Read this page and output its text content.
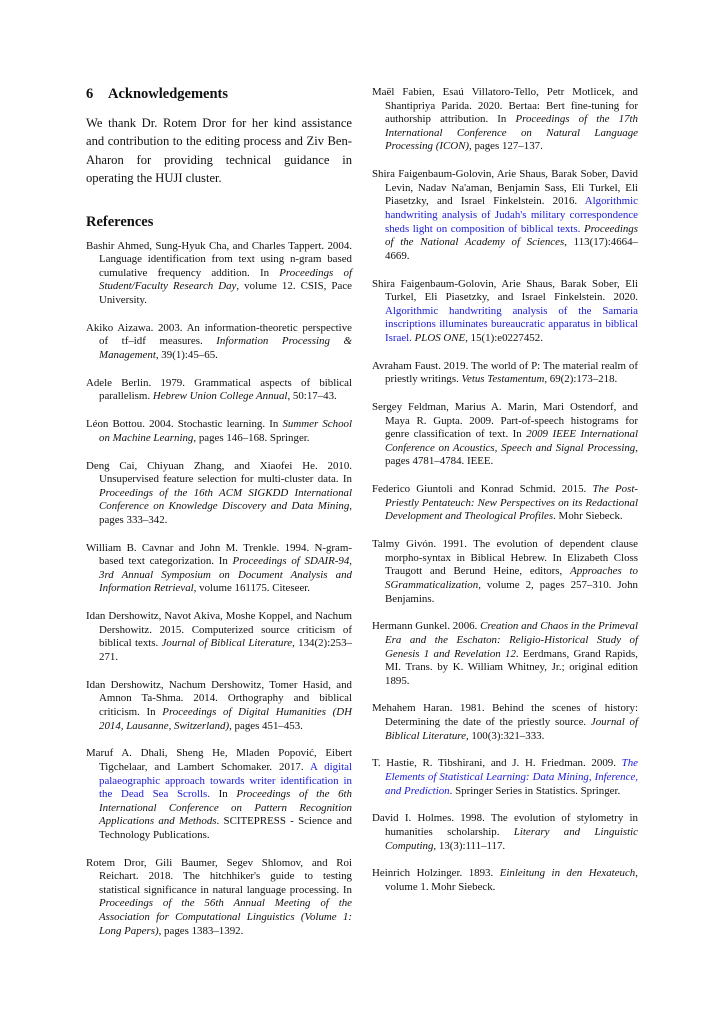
6 Acknowledgements

We thank Dr. Rotem Dror for her kind assistance and contribution to the editing process and Ziv Ben-Aharon for providing technical guidance in operating the HUJI cluster.

References

Bashir Ahmed, Sung-Hyuk Cha, and Charles Tappert. 2004. Language identification from text using n-gram based cumulative frequency addition. In Proceedings of Student/Faculty Research Day, volume 12. CSIS, Pace University.

Akiko Aizawa. 2003. An information-theoretic perspective of tf–idf measures. Information Processing & Management, 39(1):45–65.

Adele Berlin. 1979. Grammatical aspects of biblical parallelism. Hebrew Union College Annual, 50:17–43.

Léon Bottou. 2004. Stochastic learning. In Summer School on Machine Learning, pages 146–168. Springer.

Deng Cai, Chiyuan Zhang, and Xiaofei He. 2010. Unsupervised feature selection for multi-cluster data. In Proceedings of the 16th ACM SIGKDD International Conference on Knowledge Discovery and Data Mining, pages 333–342.

William B. Cavnar and John M. Trenkle. 1994. N-gram-based text categorization. In Proceedings of SDAIR-94, 3rd Annual Symposium on Document Analysis and Information Retrieval, volume 161175. Citeseer.

Idan Dershowitz, Navot Akiva, Moshe Koppel, and Nachum Dershowitz. 2015. Computerized source criticism of biblical texts. Journal of Biblical Literature, 134(2):253–271.

Idan Dershowitz, Nachum Dershowitz, Tomer Hasid, and Amnon Ta-Shma. 2014. Orthography and biblical criticism. In Proceedings of Digital Humanities (DH 2014, Lausanne, Switzerland), pages 451–453.

Maruf A. Dhali, Sheng He, Mladen Popović, Eibert Tigchelaar, and Lambert Schomaker. 2017. A digital palaeographic approach towards writer identification in the Dead Sea Scrolls. In Proceedings of the 6th International Conference on Pattern Recognition Applications and Methods. SCITEPRESS - Science and Technology Publications.

Rotem Dror, Gili Baumer, Segev Shlomov, and Roi Reichart. 2018. The hitchhiker's guide to testing statistical significance in natural language processing. In Proceedings of the 56th Annual Meeting of the Association for Computational Linguistics (Volume 1: Long Papers), pages 1383–1392.

Maël Fabien, Esaú Villatoro-Tello, Petr Motlicek, and Shantipriya Parida. 2020. Bertaa: Bert fine-tuning for authorship attribution. In Proceedings of the 17th International Conference on Natural Language Processing (ICON), pages 127–137.

Shira Faigenbaum-Golovin, Arie Shaus, Barak Sober, David Levin, Nadav Na'aman, Benjamin Sass, Eli Turkel, Eli Piasetzky, and Israel Finkelstein. 2016. Algorithmic handwriting analysis of Judah's military correspondence sheds light on composition of biblical texts. Proceedings of the National Academy of Sciences, 113(17):4664–4669.

Shira Faigenbaum-Golovin, Arie Shaus, Barak Sober, Eli Turkel, Eli Piasetzky, and Israel Finkelstein. 2020. Algorithmic handwriting analysis of the Samaria inscriptions illuminates bureaucratic apparatus in biblical Israel. PLOS ONE, 15(1):e0227452.

Avraham Faust. 2019. The world of P: The material realm of priestly writings. Vetus Testamentum, 69(2):173–218.

Sergey Feldman, Marius A. Marin, Mari Ostendorf, and Maya R. Gupta. 2009. Part-of-speech histograms for genre classification of text. In 2009 IEEE International Conference on Acoustics, Speech and Signal Processing, pages 4781–4784. IEEE.

Federico Giuntoli and Konrad Schmid. 2015. The Post-Priestly Pentateuch: New Perspectives on its Redactional Development and Theological Profiles. Mohr Siebeck.

Talmy Givón. 1991. The evolution of dependent clause morpho-syntax in Biblical Hebrew. In Elizabeth Closs Traugott and Berund Heine, editors, Approaches to SGrammaticalization, volume 2, pages 257–310. John Benjamins.

Hermann Gunkel. 2006. Creation and Chaos in the Primeval Era and the Eschaton: Religio-Historical Study of Genesis 1 and Revelation 12. Eerdmans, Grand Rapids, MI. Trans. by K. William Whitney, Jr.; original edition 1895.

Mehahem Haran. 1981. Behind the scenes of history: Determining the date of the priestly source. Journal of Biblical Literature, 100(3):321–333.

T. Hastie, R. Tibshirani, and J. H. Friedman. 2009. The Elements of Statistical Learning: Data Mining, Inference, and Prediction. Springer Series in Statistics. Springer.

David I. Holmes. 1998. The evolution of stylometry in humanities scholarship. Literary and Linguistic Computing, 13(3):111–117.

Heinrich Holzinger. 1893. Einleitung in den Hexateuch, volume 1. Mohr Siebeck.
